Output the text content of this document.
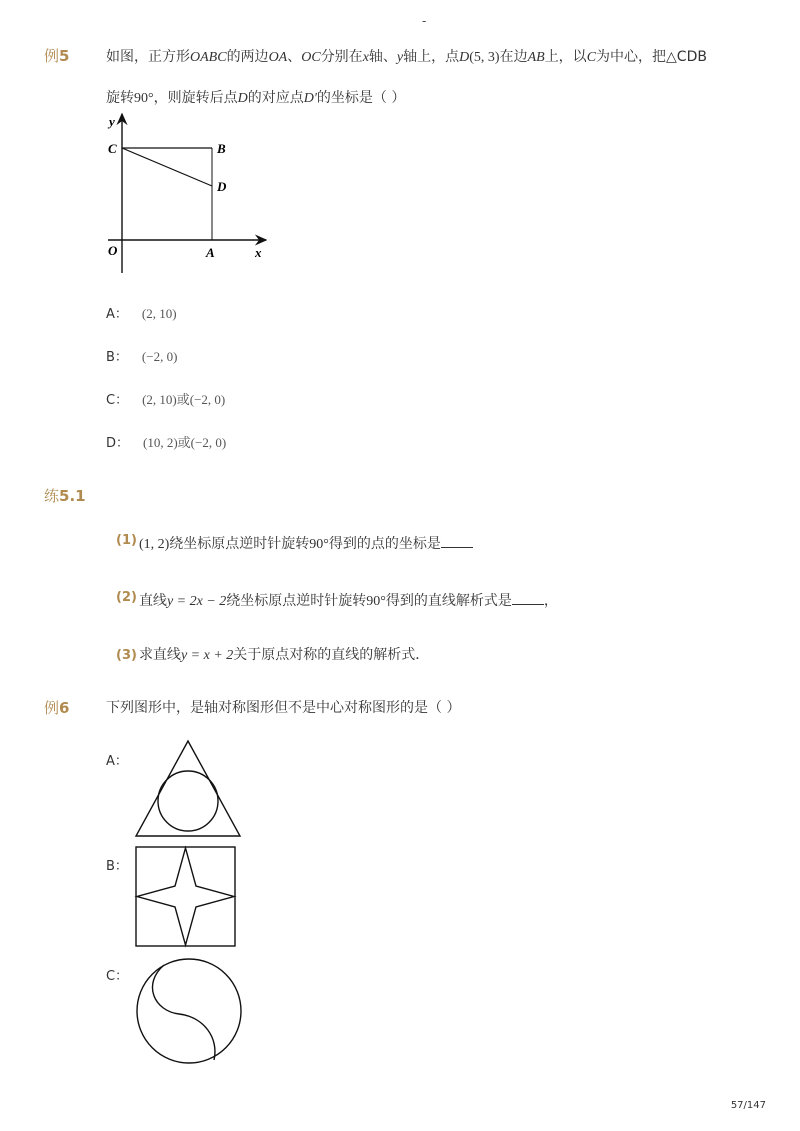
-
例5	如图，正方形OABC的两边OA、OC分别在x轴、y轴上，点D(5, 3)在边AB上，以C为中心，把△CDB
旋转90°，则旋转后点D的对应点D′的坐标是（ ）
y
C	B
D
O	A	x
A： (2, 10)
B： (−2, 0)
C： (2, 10)或(−2, 0)
D： (10, 2)或(−2, 0)
练5.1
(1) (1, 2)绕坐标原点逆时针旋转90°得到的点的坐标是
(2) 直线y = 2x − 2绕坐标原点逆时针旋转90°得到的直线解析式是 ，
(3) 求直线y = x + 2关于原点对称的直线的解析式．
例6	下列图形中，是轴对称图形但不是中心对称图形的是（ ）
A：
B：
C：
57/147
